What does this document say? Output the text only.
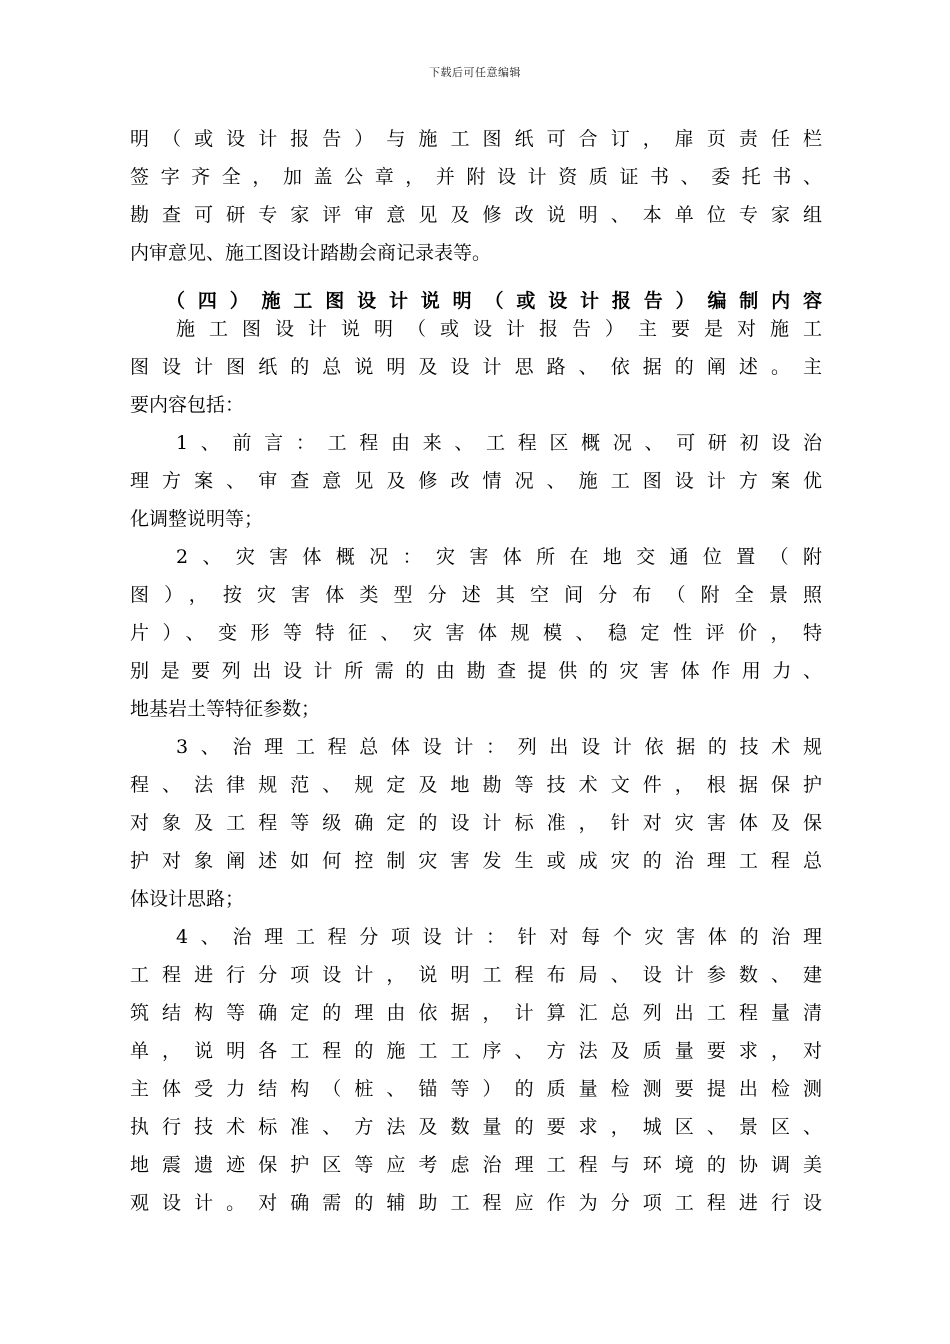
下载后可任意编辑
明（或设计报告）与施工图纸可合订，扉页责任栏
签字齐全，加盖公章，并附设计资质证书、委托书、
勘查可研专家评审意见及修改说明、本单位专家组
内审意见、施工图设计踏勘会商记录表等。
（四）施工图设计说明（或设计报告）编制内容
施工图设计说明（或设计报告）主要是对施工
图设计图纸的总说明及设计思路、依据的阐述。主
要内容包括：
1、前言：工程由来、工程区概况、可研初设治
理方案、审查意见及修改情况、施工图设计方案优
化调整说明等；
2、灾害体概况：灾害体所在地交通位置（附
图），按灾害体类型分述其空间分布（附全景照
片）、变形等特征、灾害体规模、稳定性评价，特
别是要列出设计所需的由勘查提供的灾害体作用力、
地基岩土等特征参数；
3、治理工程总体设计：列出设计依据的技术规
程、法律规范、规定及地勘等技术文件，根据保护
对象及工程等级确定的设计标准，针对灾害体及保
护对象阐述如何控制灾害发生或成灾的治理工程总
体设计思路；
4、治理工程分项设计：针对每个灾害体的治理
工程进行分项设计，说明工程布局、设计参数、建
筑结构等确定的理由依据，计算汇总列出工程量清
单，说明各工程的施工工序、方法及质量要求，对
主体受力结构（桩、锚等）的质量检测要提出检测
执行技术标准、方法及数量的要求，城区、景区、
地震遗迹保护区等应考虑治理工程与环境的协调美
观设计。对确需的辅助工程应作为分项工程进行设
